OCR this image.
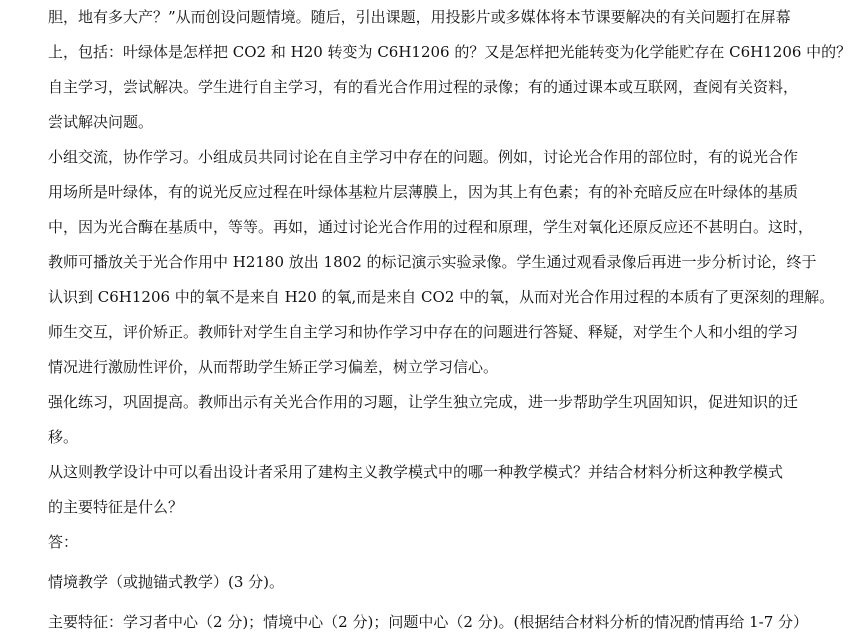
胆，地有多大产？”从而创设问题情境。随后，引出课题，用投影片或多媒体将本节课要解决的有关问题打在屏幕
上，包括：叶绿体是怎样把 CO2 和 H20 转变为 C6H1206 的？又是怎样把光能转变为化学能贮存在 C6H1206 中的？
自主学习，尝试解决。学生进行自主学习，有的看光合作用过程的录像；有的通过课本或互联网，查阅有关资料，
尝试解决问题。
小组交流，协作学习。小组成员共同讨论在自主学习中存在的问题。例如，讨论光合作用的部位时，有的说光合作
用场所是叶绿体，有的说光反应过程在叶绿体基粒片层薄膜上，因为其上有色素；有的补充暗反应在叶绿体的基质
中，因为光合酶在基质中，等等。再如，通过讨论光合作用的过程和原理，学生对氧化还原反应还不甚明白。这时，
教师可播放关于光合作用中 H2180 放出 1802 的标记演示实验录像。学生通过观看录像后再进一步分析讨论，终于
认识到 C6H1206 中的氧不是来自 H20 的氧,而是来自 CO2 中的氧，从而对光合作用过程的本质有了更深刻的理解。
师生交互，评价矫正。教师针对学生自主学习和协作学习中存在的问题进行答疑、释疑，对学生个人和小组的学习
情况进行激励性评价，从而帮助学生矫正学习偏差，树立学习信心。
强化练习，巩固提高。教师出示有关光合作用的习题，让学生独立完成，进一步帮助学生巩固知识，促进知识的迁
移。
从这则教学设计中可以看出设计者采用了建构主义教学模式中的哪一种教学模式？并结合材料分析这种教学模式
的主要特征是什么？
答：
情境教学（或抛锚式教学）(3 分)。
主要特征：学习者中心（2 分)；情境中心（2 分)；问题中心（2 分)。(根据结合材料分析的情况酌情再给 1-7 分）
